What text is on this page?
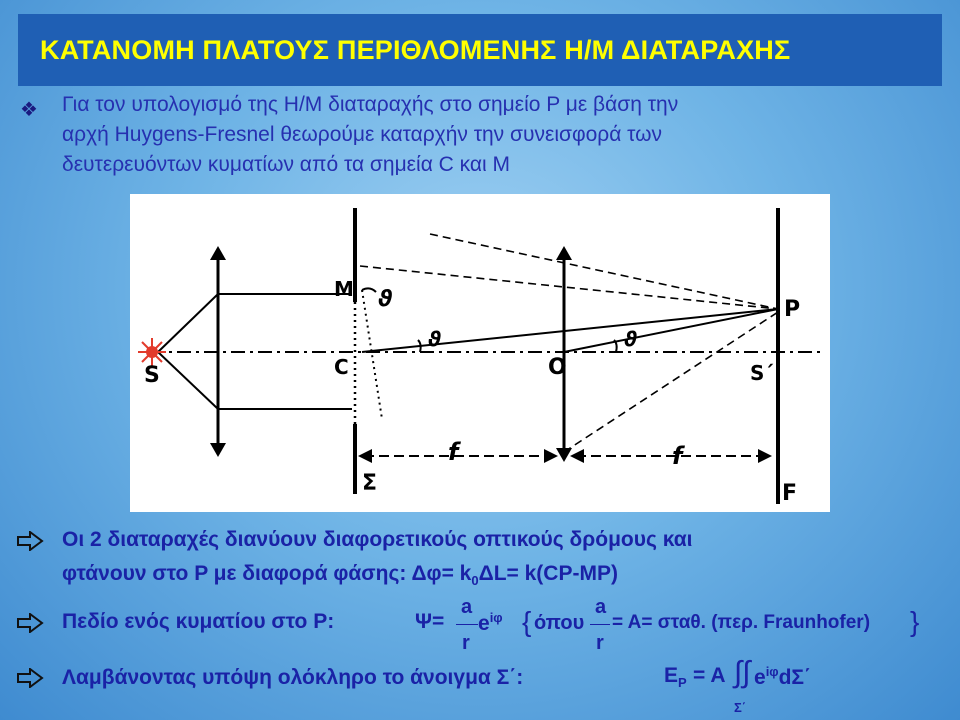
ΚΑΤΑΝΟΜΗ ΠΛΑΤΟΥΣ ΠΕΡΙΘΛΟΜΕΝΗΣ Η/Μ ΔΙΑΤΑΡΑΧΗΣ
❖ Για τον υπολογισμό της Η/Μ διαταραχής στο σημείο P με βάση την
αρχή Huygens-Fresnel θεωρούμε καταρχήν την συνεισφορά των
δευτερευόντων κυματίων από τα σημεία C και M
M ϑ
ϑ	ϑ
P
S	C	O	S΄
f	f
Σ	F
Οι 2 διαταραχές διανύουν διαφορετικούς οπτικούς δρόμους και
φτάνουν στο P με διαφορά φάσης: $\Delta\varphi= k_0\Delta L= k(CP-MP)$
Πεδίο ενός κυματίου στο P:	Ψ=
a
r
$e^{i\varphi}$ { όπου
a
r
= A= σταθ. (περ. Fraunhofer) }
Λαμβάνοντας υπόψη ολόκληρο το άνοιγμα Σ΄:	$E_P = A$ ∫∫ $e^{i\varphi}d\Sigma΄$
Σ΄
